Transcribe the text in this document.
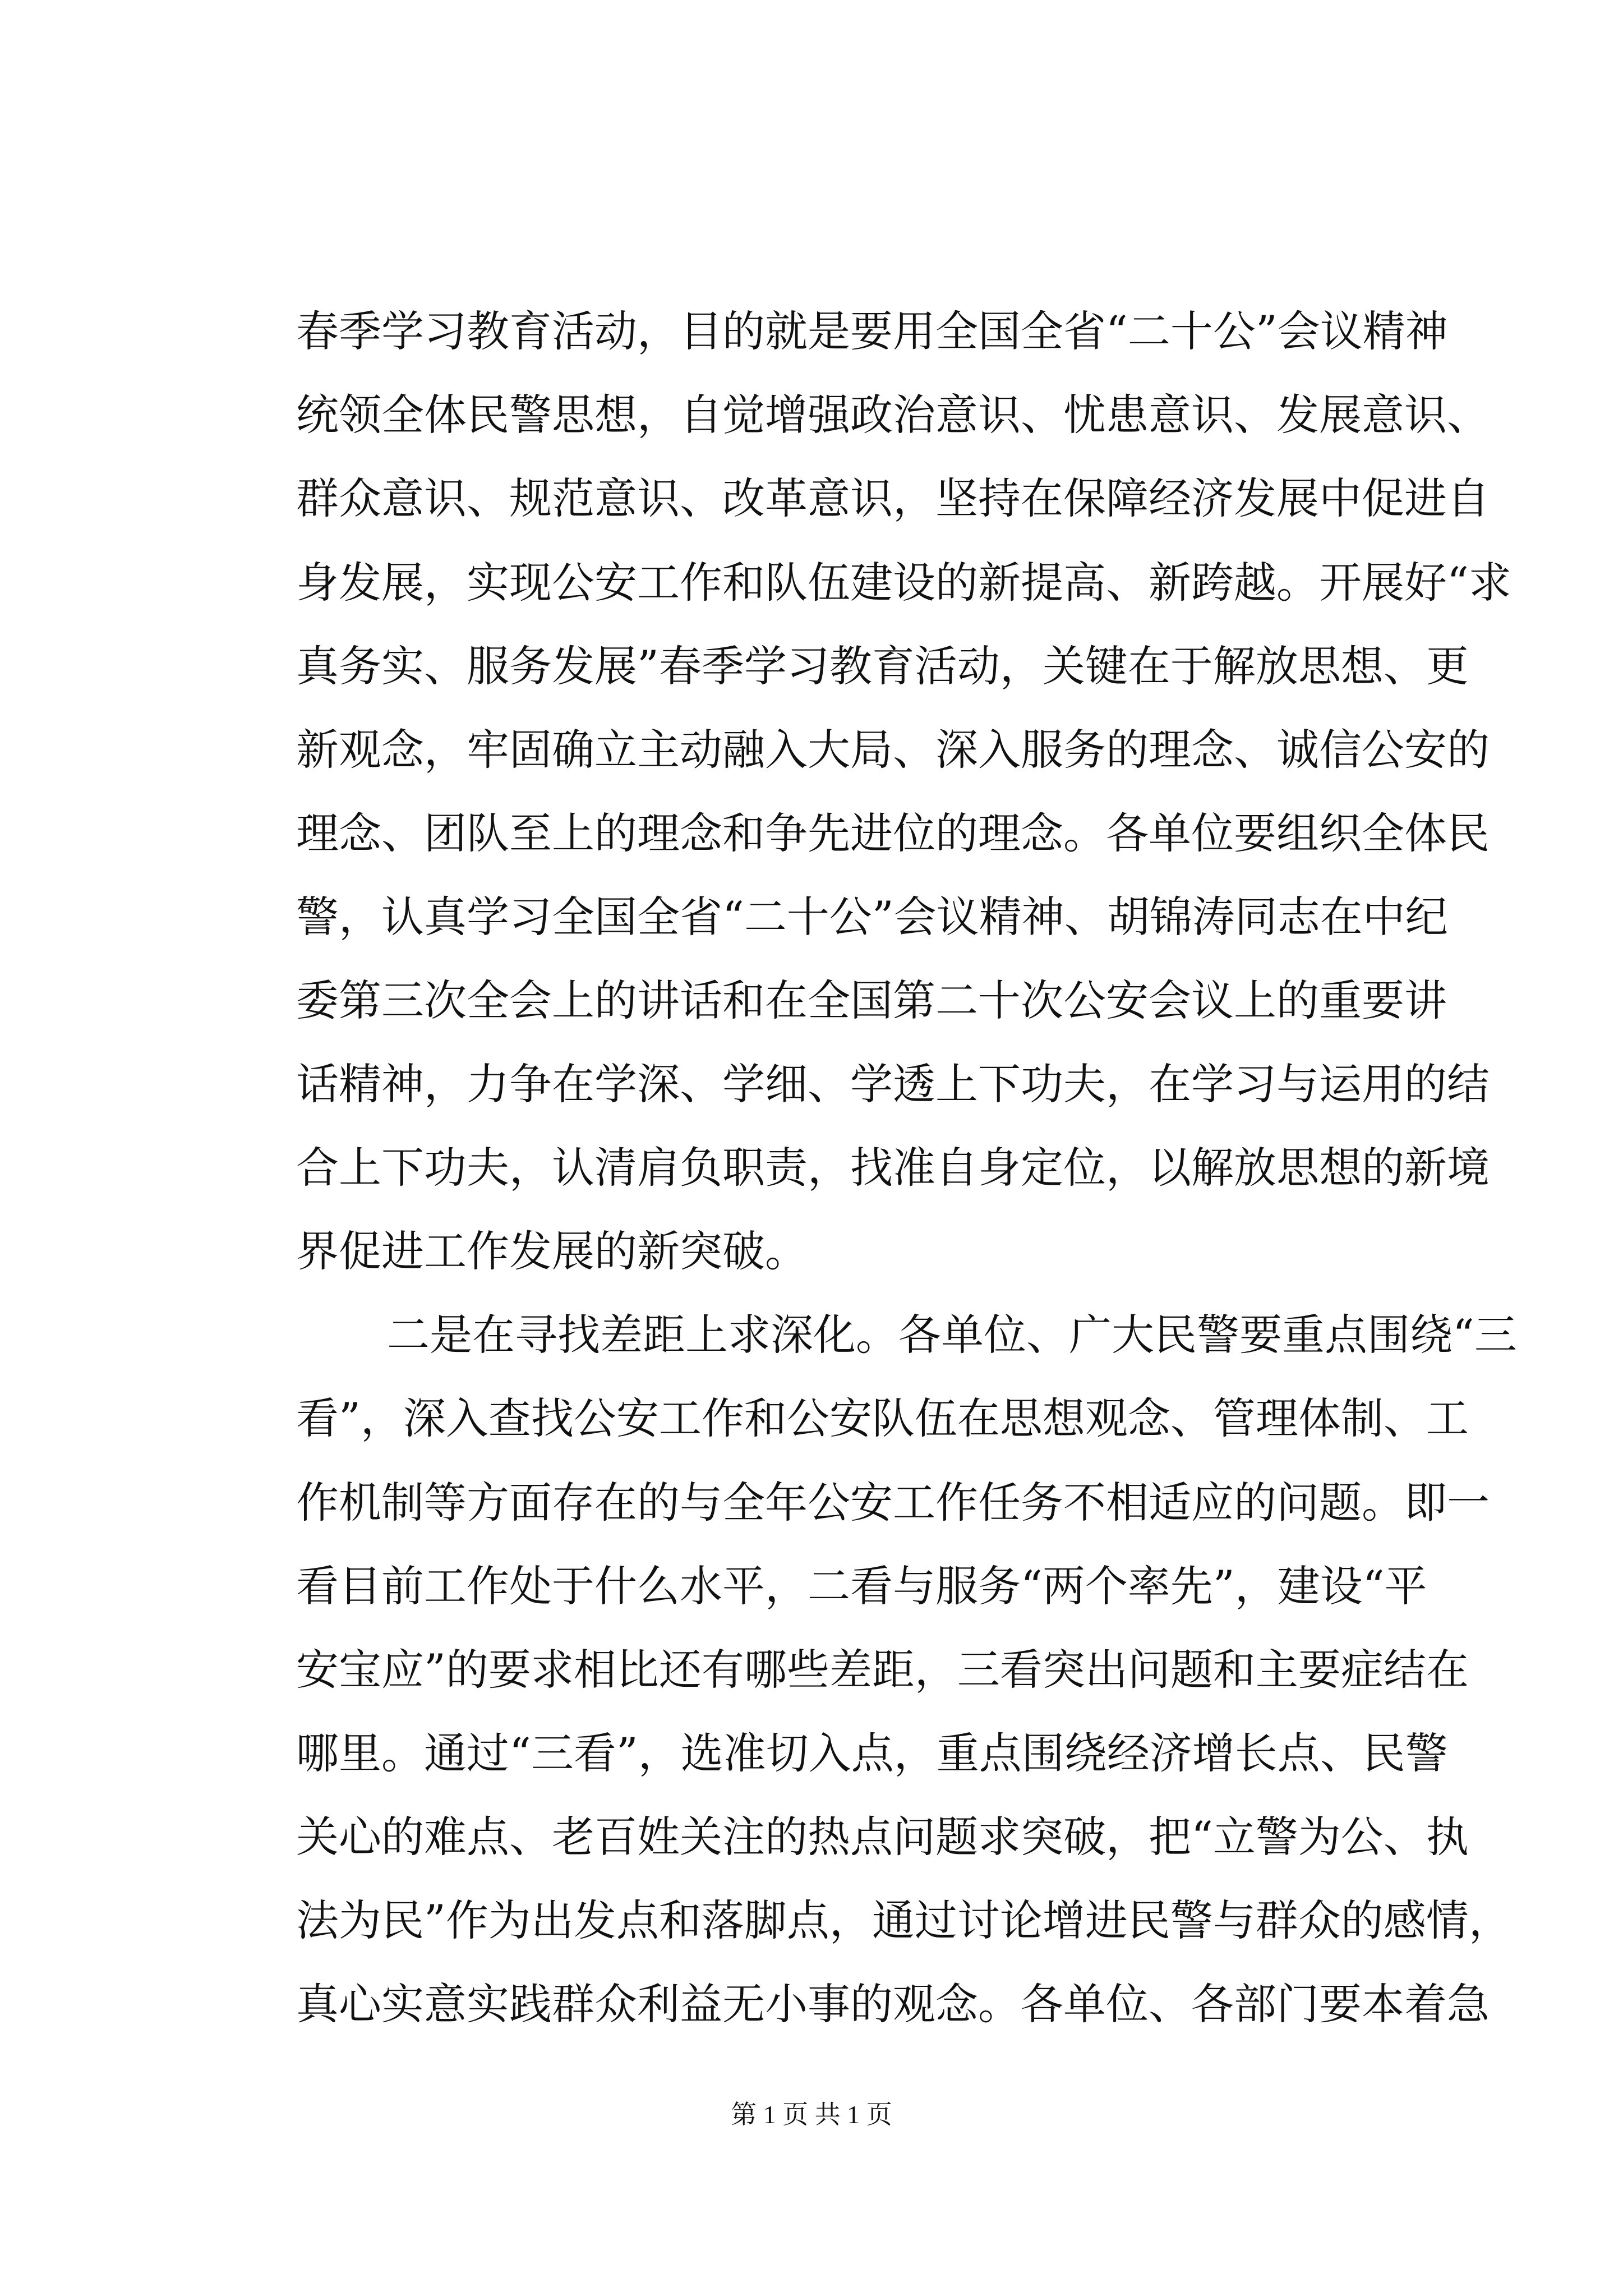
春季学习教育活动，目的就是要用全国全省“二十公”会议精神
统领全体民警思想，自觉增强政治意识、忧患意识、发展意识、
群众意识、规范意识、改革意识，坚持在保障经济发展中促进自
身发展，实现公安工作和队伍建设的新提高、新跨越。开展好“求
真务实、服务发展”春季学习教育活动，关键在于解放思想、更
新观念，牢固确立主动融入大局、深入服务的理念、诚信公安的
理念、团队至上的理念和争先进位的理念。各单位要组织全体民
警，认真学习全国全省“二十公”会议精神、胡锦涛同志在中纪
委第三次全会上的讲话和在全国第二十次公安会议上的重要讲
话精神，力争在学深、学细、学透上下功夫，在学习与运用的结
合上下功夫，认清肩负职责，找准自身定位，以解放思想的新境
界促进工作发展的新突破。
二是在寻找差距上求深化。各单位、广大民警要重点围绕“三
看”，深入查找公安工作和公安队伍在思想观念、管理体制、工
作机制等方面存在的与全年公安工作任务不相适应的问题。即一
看目前工作处于什么水平，二看与服务“两个率先”，建设“平
安宝应”的要求相比还有哪些差距，三看突出问题和主要症结在
哪里。通过“三看”，选准切入点，重点围绕经济增长点、民警
关心的难点、老百姓关注的热点问题求突破，把“立警为公、执
法为民”作为出发点和落脚点，通过讨论增进民警与群众的感情，
真心实意实践群众利益无小事的观念。各单位、各部门要本着急
第 1 页 共 1 页
